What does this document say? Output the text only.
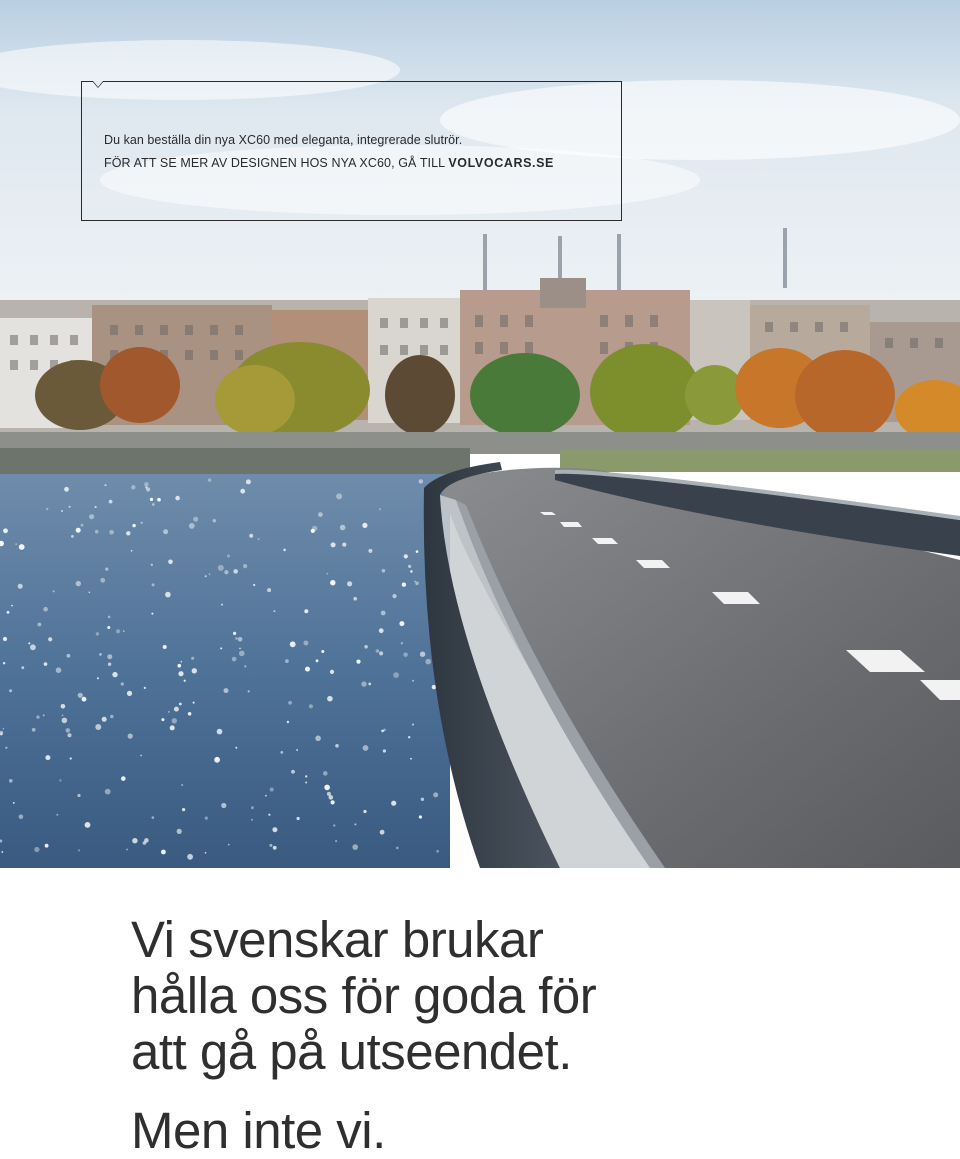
Du kan beställa din nya XC60 med eleganta, integrerade slutrör.
FÖR ATT SE MER AV DESIGNEN HOS NYA XC60, GÅ TILL VOLVOCARS.SE
Vi svenskar brukar
hålla oss för goda för
att gå på utseendet.

Men inte vi.
